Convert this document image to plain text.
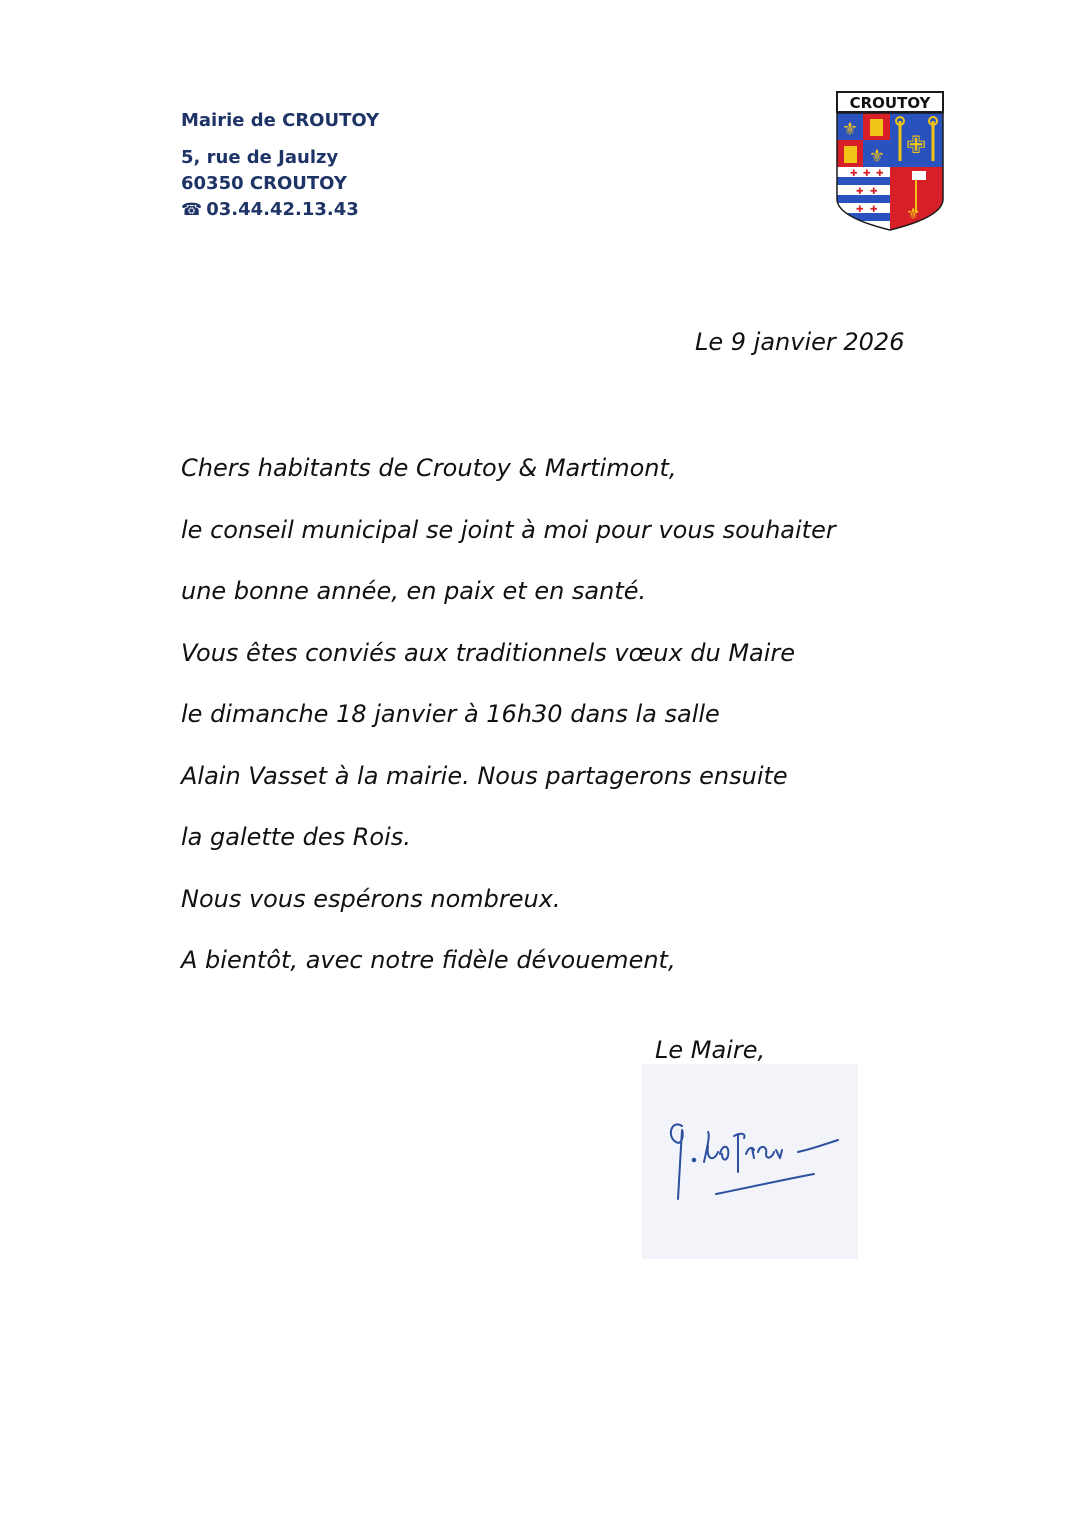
Mairie de CROUTOY

5, rue de Jaulzy

60350 CROUTOY

☎ 03.44.42.13.43

CROUTOY
⚜
⚜ ✙
✚ ✚ ✚
✚ ✚
✚ ✚ ⚜
Le 9 janvier 2026

Chers habitants de Croutoy & Martimont,

le conseil municipal se joint à moi pour vous souhaiter

une bonne année, en paix et en santé.

Vous êtes conviés aux traditionnels vœux du Maire

le dimanche 18 janvier à 16h30 dans la salle

Alain Vasset à la mairie. Nous partagerons ensuite

la galette des Rois.

Nous vous espérons nombreux.

A bientôt, avec notre fidèle dévouement,

Le Maire,
